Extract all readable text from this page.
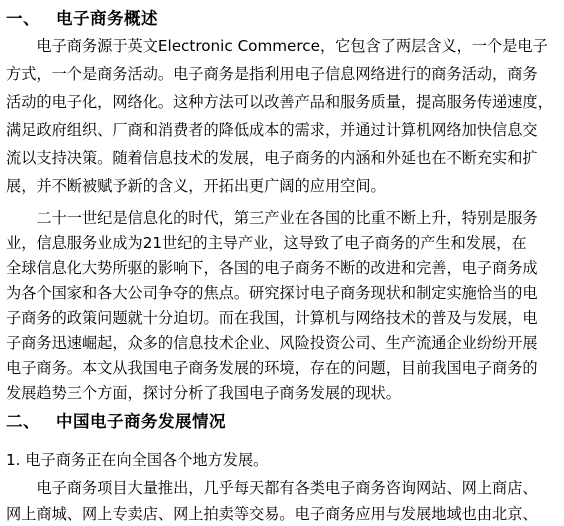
一、 电子商务概述
　　电子商务源于英文Electronic Commerce，它包含了两层含义，一个是电子
方式，一个是商务活动。电子商务是指利用电子信息网络进行的商务活动，商务
活动的电子化，网络化。这种方法可以改善产品和服务质量，提高服务传递速度，
满足政府组织、厂商和消费者的降低成本的需求，并通过计算机网络加快信息交
流以支持决策。随着信息技术的发展，电子商务的内涵和外延也在不断充实和扩
展，并不断被赋予新的含义，开拓出更广阔的应用空间。
　　二十一世纪是信息化的时代，第三产业在各国的比重不断上升，特别是服务
业，信息服务业成为21世纪的主导产业，这导致了电子商务的产生和发展，在
全球信息化大势所驱的影响下，各国的电子商务不断的改进和完善，电子商务成
为各个国家和各大公司争夺的焦点。研究探讨电子商务现状和制定实施恰当的电
子商务的政策问题就十分迫切。而在我国，计算机与网络技术的普及与发展，电
子商务迅速崛起，众多的信息技术企业、风险投资公司、生产流通企业纷纷开展
电子商务。本文从我国电子商务发展的环境，存在的问题，目前我国电子商务的
二、 中国电子商务发展情况
1. 电子商务正在向全国各个地方发展。
　　电子商务项目大量推出，几乎每天都有各类电子商务咨询网站、网上商店、
网上商城、网上专卖店、网上拍卖等交易。电子商务应用与发展地域也由北京、
发展趋势三个方面，探讨分析了我国电子商务发展的现状。
